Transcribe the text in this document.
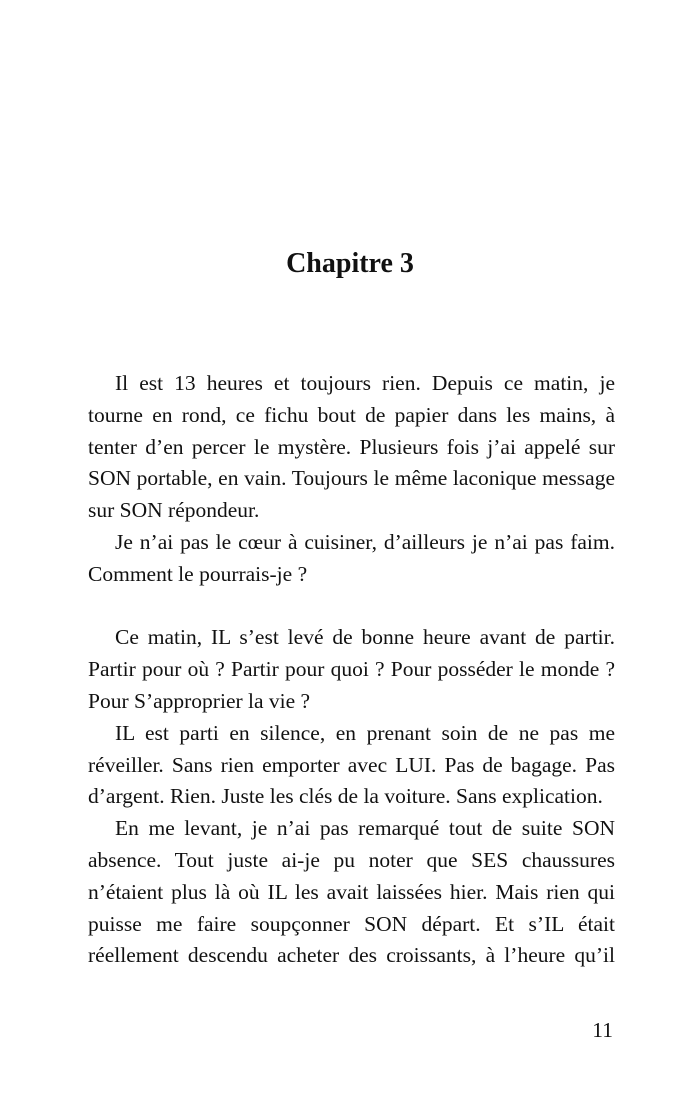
Chapitre 3

Il est 13 heures et toujours rien. Depuis ce matin, je tourne en rond, ce fichu bout de papier dans les mains, à tenter d’en percer le mystère. Plusieurs fois j’ai appelé sur SON portable, en vain. Toujours le même laconique message sur SON répondeur.

Je n’ai pas le cœur à cuisiner, d’ailleurs je n’ai pas faim. Comment le pourrais-je ?

Ce matin, IL s’est levé de bonne heure avant de partir. Partir pour où ? Partir pour quoi ? Pour posséder le monde ? Pour S’approprier la vie ?

IL est parti en silence, en prenant soin de ne pas me réveiller. Sans rien emporter avec LUI. Pas de bagage. Pas d’argent. Rien. Juste les clés de la voiture. Sans explication.

En me levant, je n’ai pas remarqué tout de suite SON absence. Tout juste ai-je pu noter que SES chaussures n’étaient plus là où IL les avait laissées hier. Mais rien qui puisse me faire soupçonner SON départ. Et s’IL était réellement descendu acheter des croissants, à l’heure qu’il

11
